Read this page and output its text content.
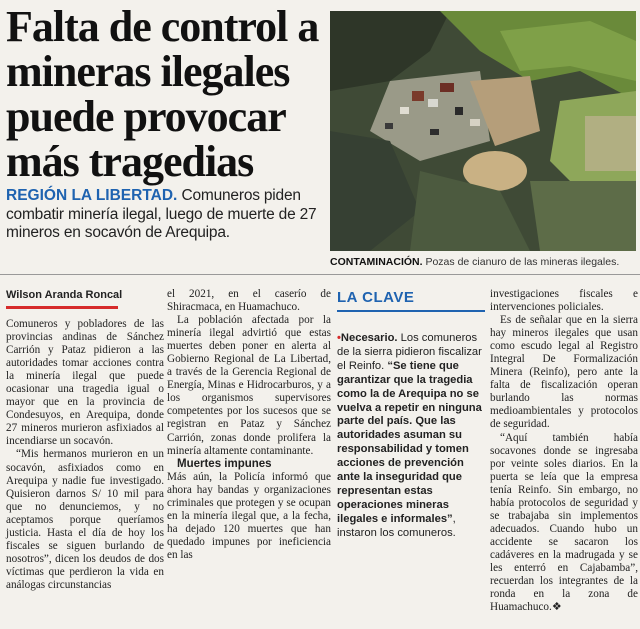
Falta de control a mineras ilegales puede provocar más tragedias
REGIÓN LA LIBERTAD. Comuneros piden combatir minería ilegal, luego de muerte de 27 mineros en socavón de Arequipa.
CONTAMINACIÓN. Pozas de cianuro de las mineras ilegales.
Wilson Aranda Roncal

Comuneros y pobladores de las provincias andinas de Sánchez Carrión y Pataz pidieron a las autoridades tomar acciones contra la minería ilegal que puede ocasionar una tragedia igual o mayor que en la provincia de Condesuyos, en Arequipa, donde 27 mineros murieron asfixiados al incendiarse un socavón.

“Mis hermanos murieron en un socavón, asfixiados como en Arequipa y nadie fue investigado. Quisieron darnos S/ 10 mil para que no denunciemos, y no aceptamos porque queríamos justicia. Hasta el día de hoy los fiscales se siguen burlando de nosotros”, dicen los deudos de dos víctimas que perdieron la vida en análogas circunstancias

el 2021, en el caserío de Shiracmaca, en Huamachuco.

La población afectada por la minería ilegal advirtió que estas muertes deben poner en alerta al Gobierno Regional de La Libertad, a través de la Gerencia Regional de Energía, Minas e Hidrocarburos, y a los organismos supervisores competentes por los sucesos que se registran en Pataz y Sánchez Carrión, zonas donde prolifera la minería altamente contaminante.

Muertes impunes

Más aún, la Policía informó que ahora hay bandas y organizaciones criminales que protegen y se ocupan en la minería ilegal que, a la fecha, ha dejado 120 muertes que han quedado impunes por ineficiencia en las

LA CLAVE
•Necesario. Los comuneros de la sierra pidieron fiscalizar el Reinfo. “Se tiene que garantizar que la tragedia como la de Arequipa no se vuelva a repetir en ninguna parte del país. Que las autoridades asuman su responsabilidad y tomen acciones de prevención ante la inseguridad que representan estas operaciones mineras ilegales e informales”, instaron los comuneros.

investigaciones fiscales e intervenciones policiales.

Es de señalar que en la sierra hay mineros ilegales que usan como escudo legal al Registro Integral De Formalización Minera (Reinfo), pero ante la falta de fiscalización operan burlando las normas medioambientales y protocolos de seguridad.

“Aquí también había socavones donde se ingresaba por veinte soles diarios. En la puerta se leía que la empresa tenía Reinfo. Sin embargo, no había protocolos de seguridad y se trabajaba sin implementos adecuados. Cuando hubo un accidente se sacaron los cadáveres en la madrugada y se les enterró en Cajabamba”, recuerdan los integrantes de la ronda en la zona de Huamachuco.❖
